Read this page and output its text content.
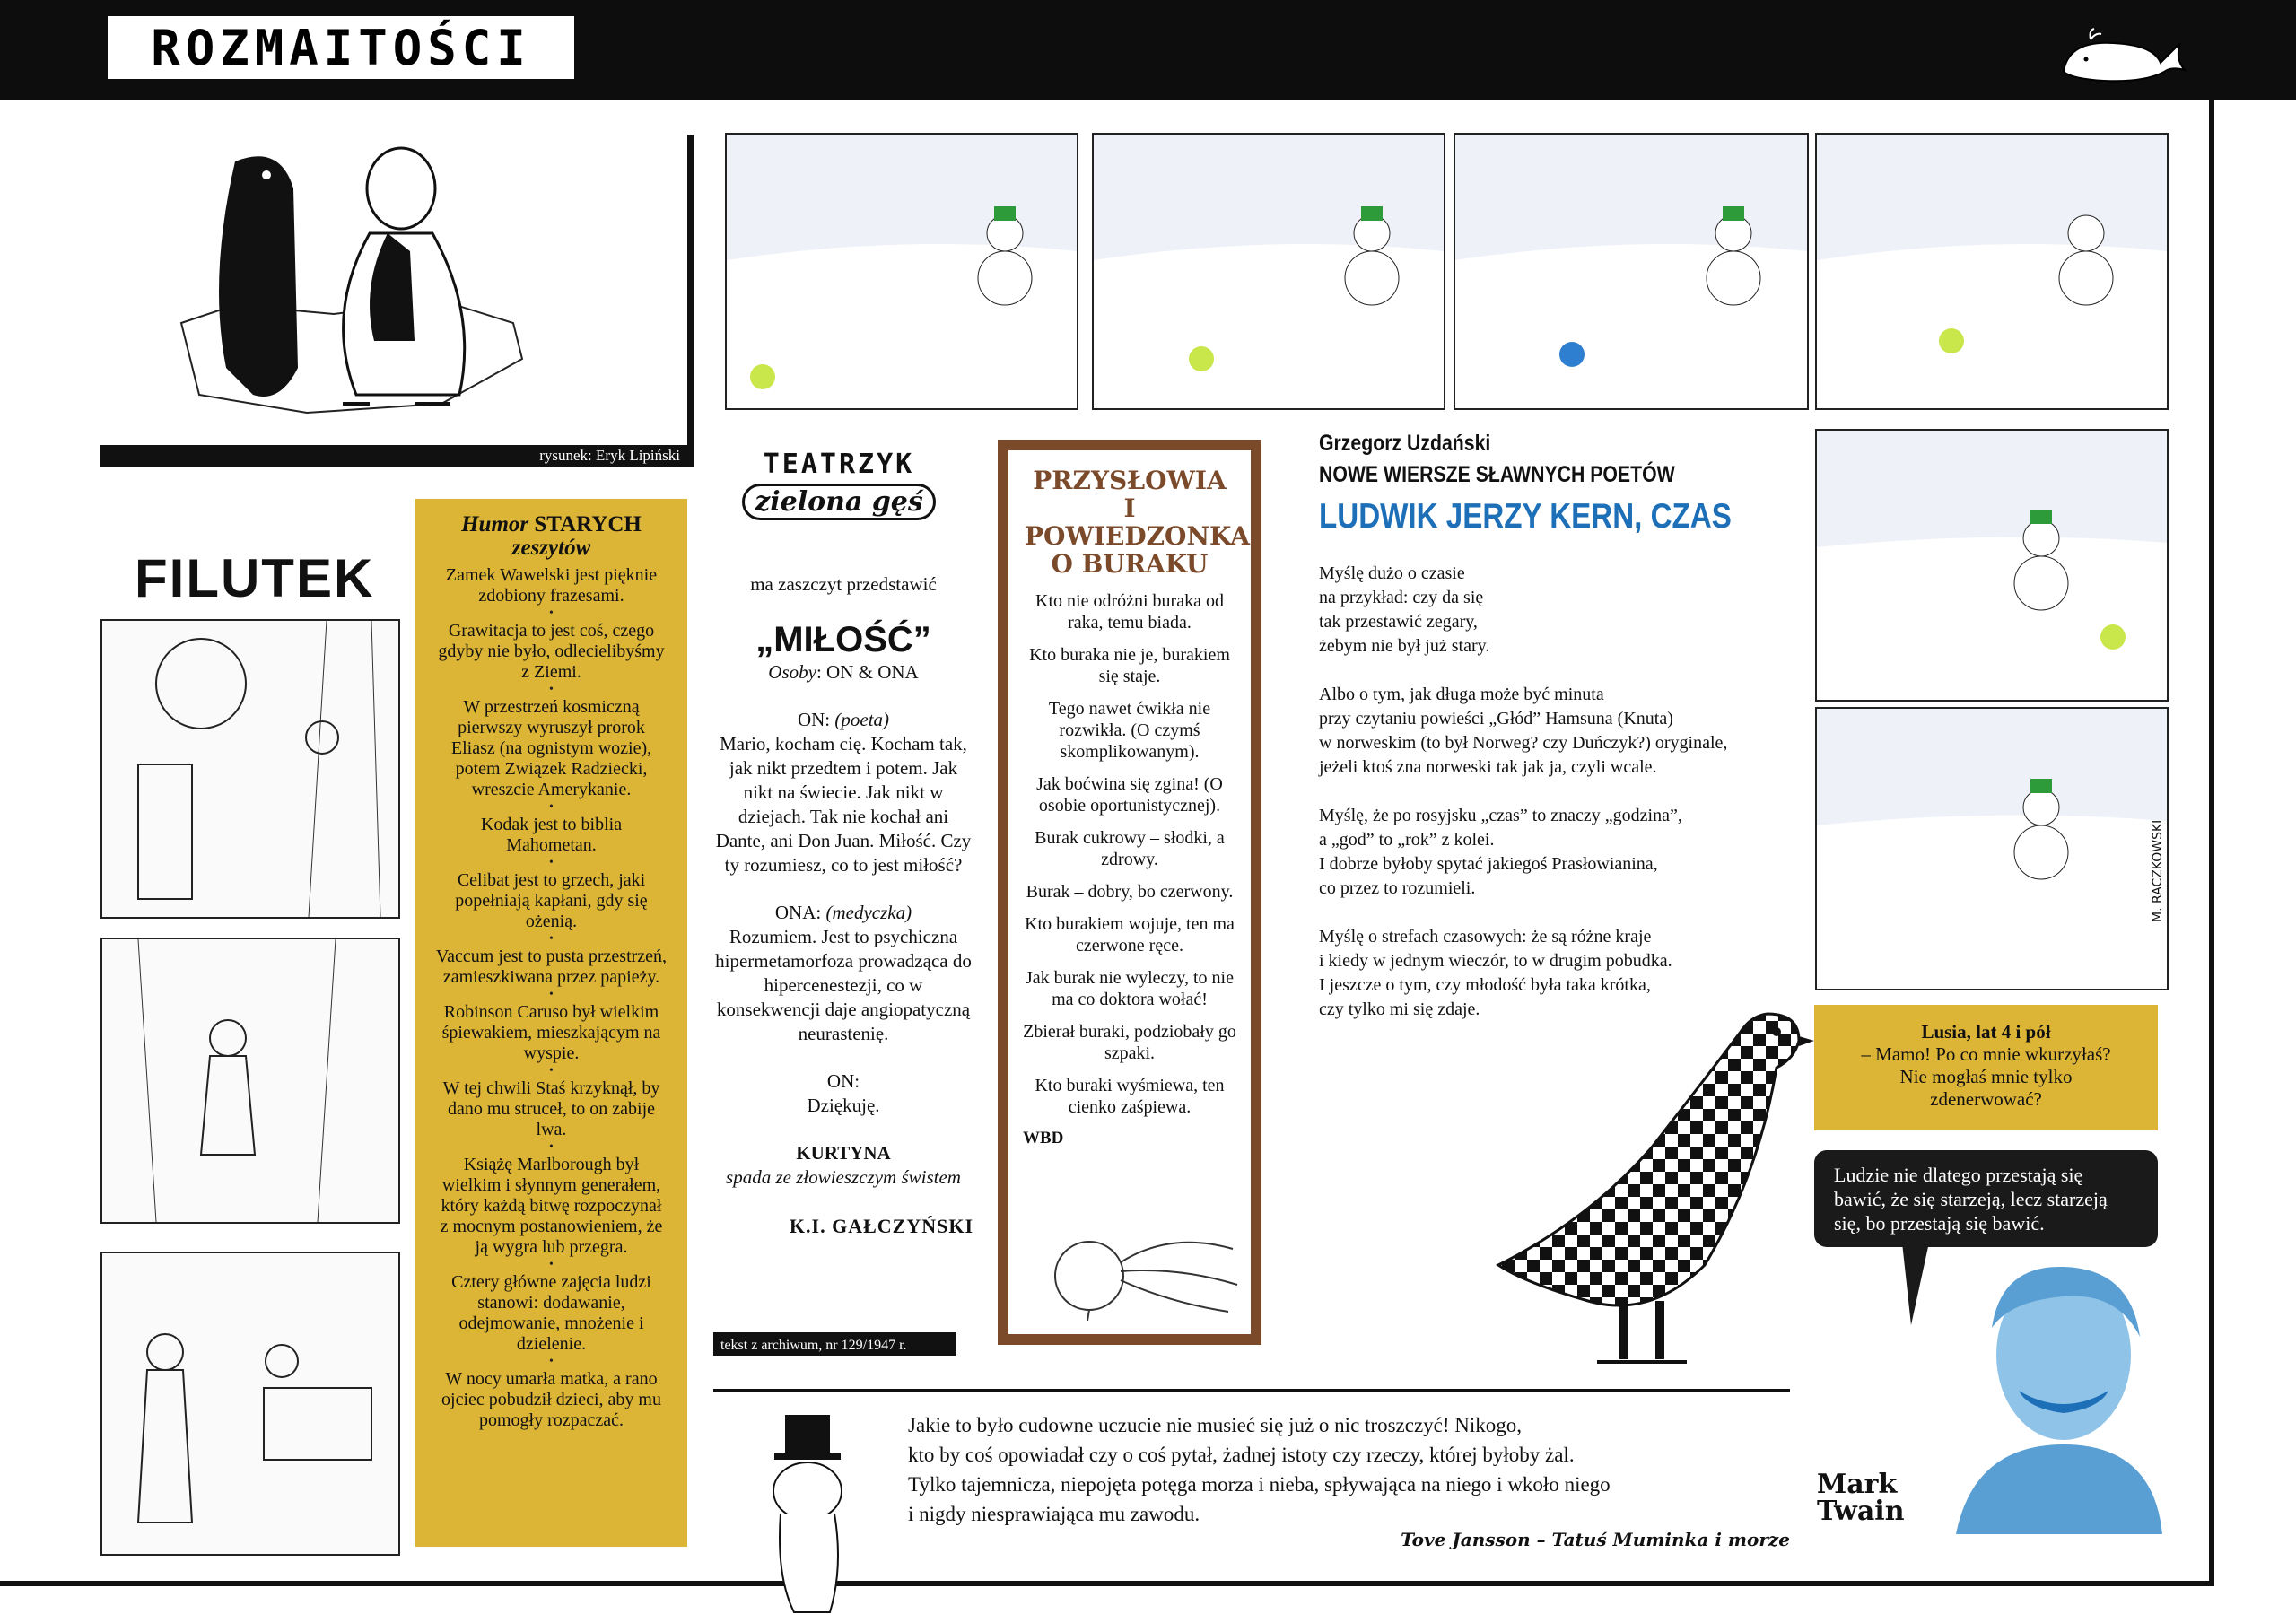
ROZMAITOŚCI
rysunek: Eryk Lipiński
FILUTEK
Humor STARYCH
zeszytów
Zamek Wawelski jest pięknie zdobiony frazesami.
•
Grawitacja to jest coś, czego gdyby nie było, odlecielibyśmy z Ziemi.
•
W przestrzeń kosmiczną pierwszy wyruszył prorok Eliasz (na ognistym wozie), potem Związek Radziecki, wreszcie Amerykanie.
•
Kodak jest to biblia Mahometan.
•
Celibat jest to grzech, jaki popełniają kapłani, gdy się ożenią.
•
Vaccum jest to pusta przestrzeń, zamieszkiwana przez papieży.
•
Robinson Caruso był wielkim śpiewakiem, mieszkającym na wyspie.
•
W tej chwili Staś krzyknął, by dano mu struceł, to on zabije lwa.
•
Książę Marlborough był wielkim i słynnym generałem, który każdą bitwę rozpoczynał z mocnym postanowieniem, że ją wygra lub przegra.
•
Cztery główne zajęcia ludzi stanowi: dodawanie, odejmowanie, mnożenie i dzielenie.
•
W nocy umarła matka, a rano ojciec pobudził dzieci, aby mu pomogły rozpaczać.
M. RACZKOWSKI
TEATRZYK
zielona gęś
ma zaszczyt przedstawić
„MIŁOŚĆ”
Osoby: ON & ONA
ON: (poeta)
Mario, kocham cię. Kocham tak, jak nikt przedtem i potem. Jak nikt na świecie. Jak nikt w dziejach. Tak nie kochał ani Dante, ani Don Juan. Miłość. Czy ty rozumiesz, co to jest miłość?
ONA: (medyczka)
Rozumiem. Jest to psychiczna hipermetamorfoza prowadząca do hipercenestezji, co w konsekwencji daje angiopatyczną neurastenię.
ON:
Dziękuję.
KURTYNA
spada ze złowieszczym świstem
K.I. GAŁCZYŃSKI
tekst z archiwum, nr 129/1947 r.
PRZYSŁOWIA I POWIEDZONKA O BURAKU
Kto nie odróżni buraka od raka, temu biada.
Kto buraka nie je, burakiem się staje.
Tego nawet ćwikła nie rozwikła. (O czymś skomplikowanym).
Jak boćwina się zgina! (O osobie oportunistycznej).
Burak cukrowy – słodki, a zdrowy.
Burak – dobry, bo czerwony.
Kto burakiem wojuje, ten ma czerwone ręce.
Jak burak nie wyleczy, to nie ma co doktora wołać!
Zbierał buraki, podziobały go szpaki.
Kto buraki wyśmiewa, ten cienko zaśpiewa.
WBD
Grzegorz Uzdański
NOWE WIERSZE SŁAWNYCH POETÓW
LUDWIK JERZY KERN, CZAS
Myślę dużo o czasie
na przykład: czy da się
tak przestawić zegary,
żebym nie był już stary.
Albo o tym, jak długa może być minuta
przy czytaniu powieści „Głód” Hamsuna (Knuta)
w norweskim (to był Norweg? czy Duńczyk?) oryginale,
jeżeli ktoś zna norweski tak jak ja, czyli wcale.
Myślę, że po rosyjsku „czas” to znaczy „godzina”,
a „god” to „rok” z kolei.
I dobrze byłoby spytać jakiegoś Prasłowianina,
co przez to rozumieli.
Myślę o strefach czasowych: że są różne kraje
i kiedy w jednym wieczór, to w drugim pobudka.
I jeszcze o tym, czy młodość była taka krótka,
czy tylko mi się zdaje.
Lusia, lat 4 i pół
– Mamo! Po co mnie wkurzyłaś? Nie mogłaś mnie tylko zdenerwować?
Ludzie nie dlatego przestają się bawić, że się starzeją, lecz starzeją się, bo przestają się bawić.
Mark
Twain
Jakie to było cudowne uczucie nie musieć się już o nic troszczyć! Nikogo,
kto by coś opowiadał czy o coś pytał, żadnej istoty czy rzeczy, której byłoby żal.
Tylko tajemnicza, niepojęta potęga morza i nieba, spływająca na niego i wkoło niego
i nigdy niesprawiająca mu zawodu.
Tove Jansson – Tatuś Muminka i morze
